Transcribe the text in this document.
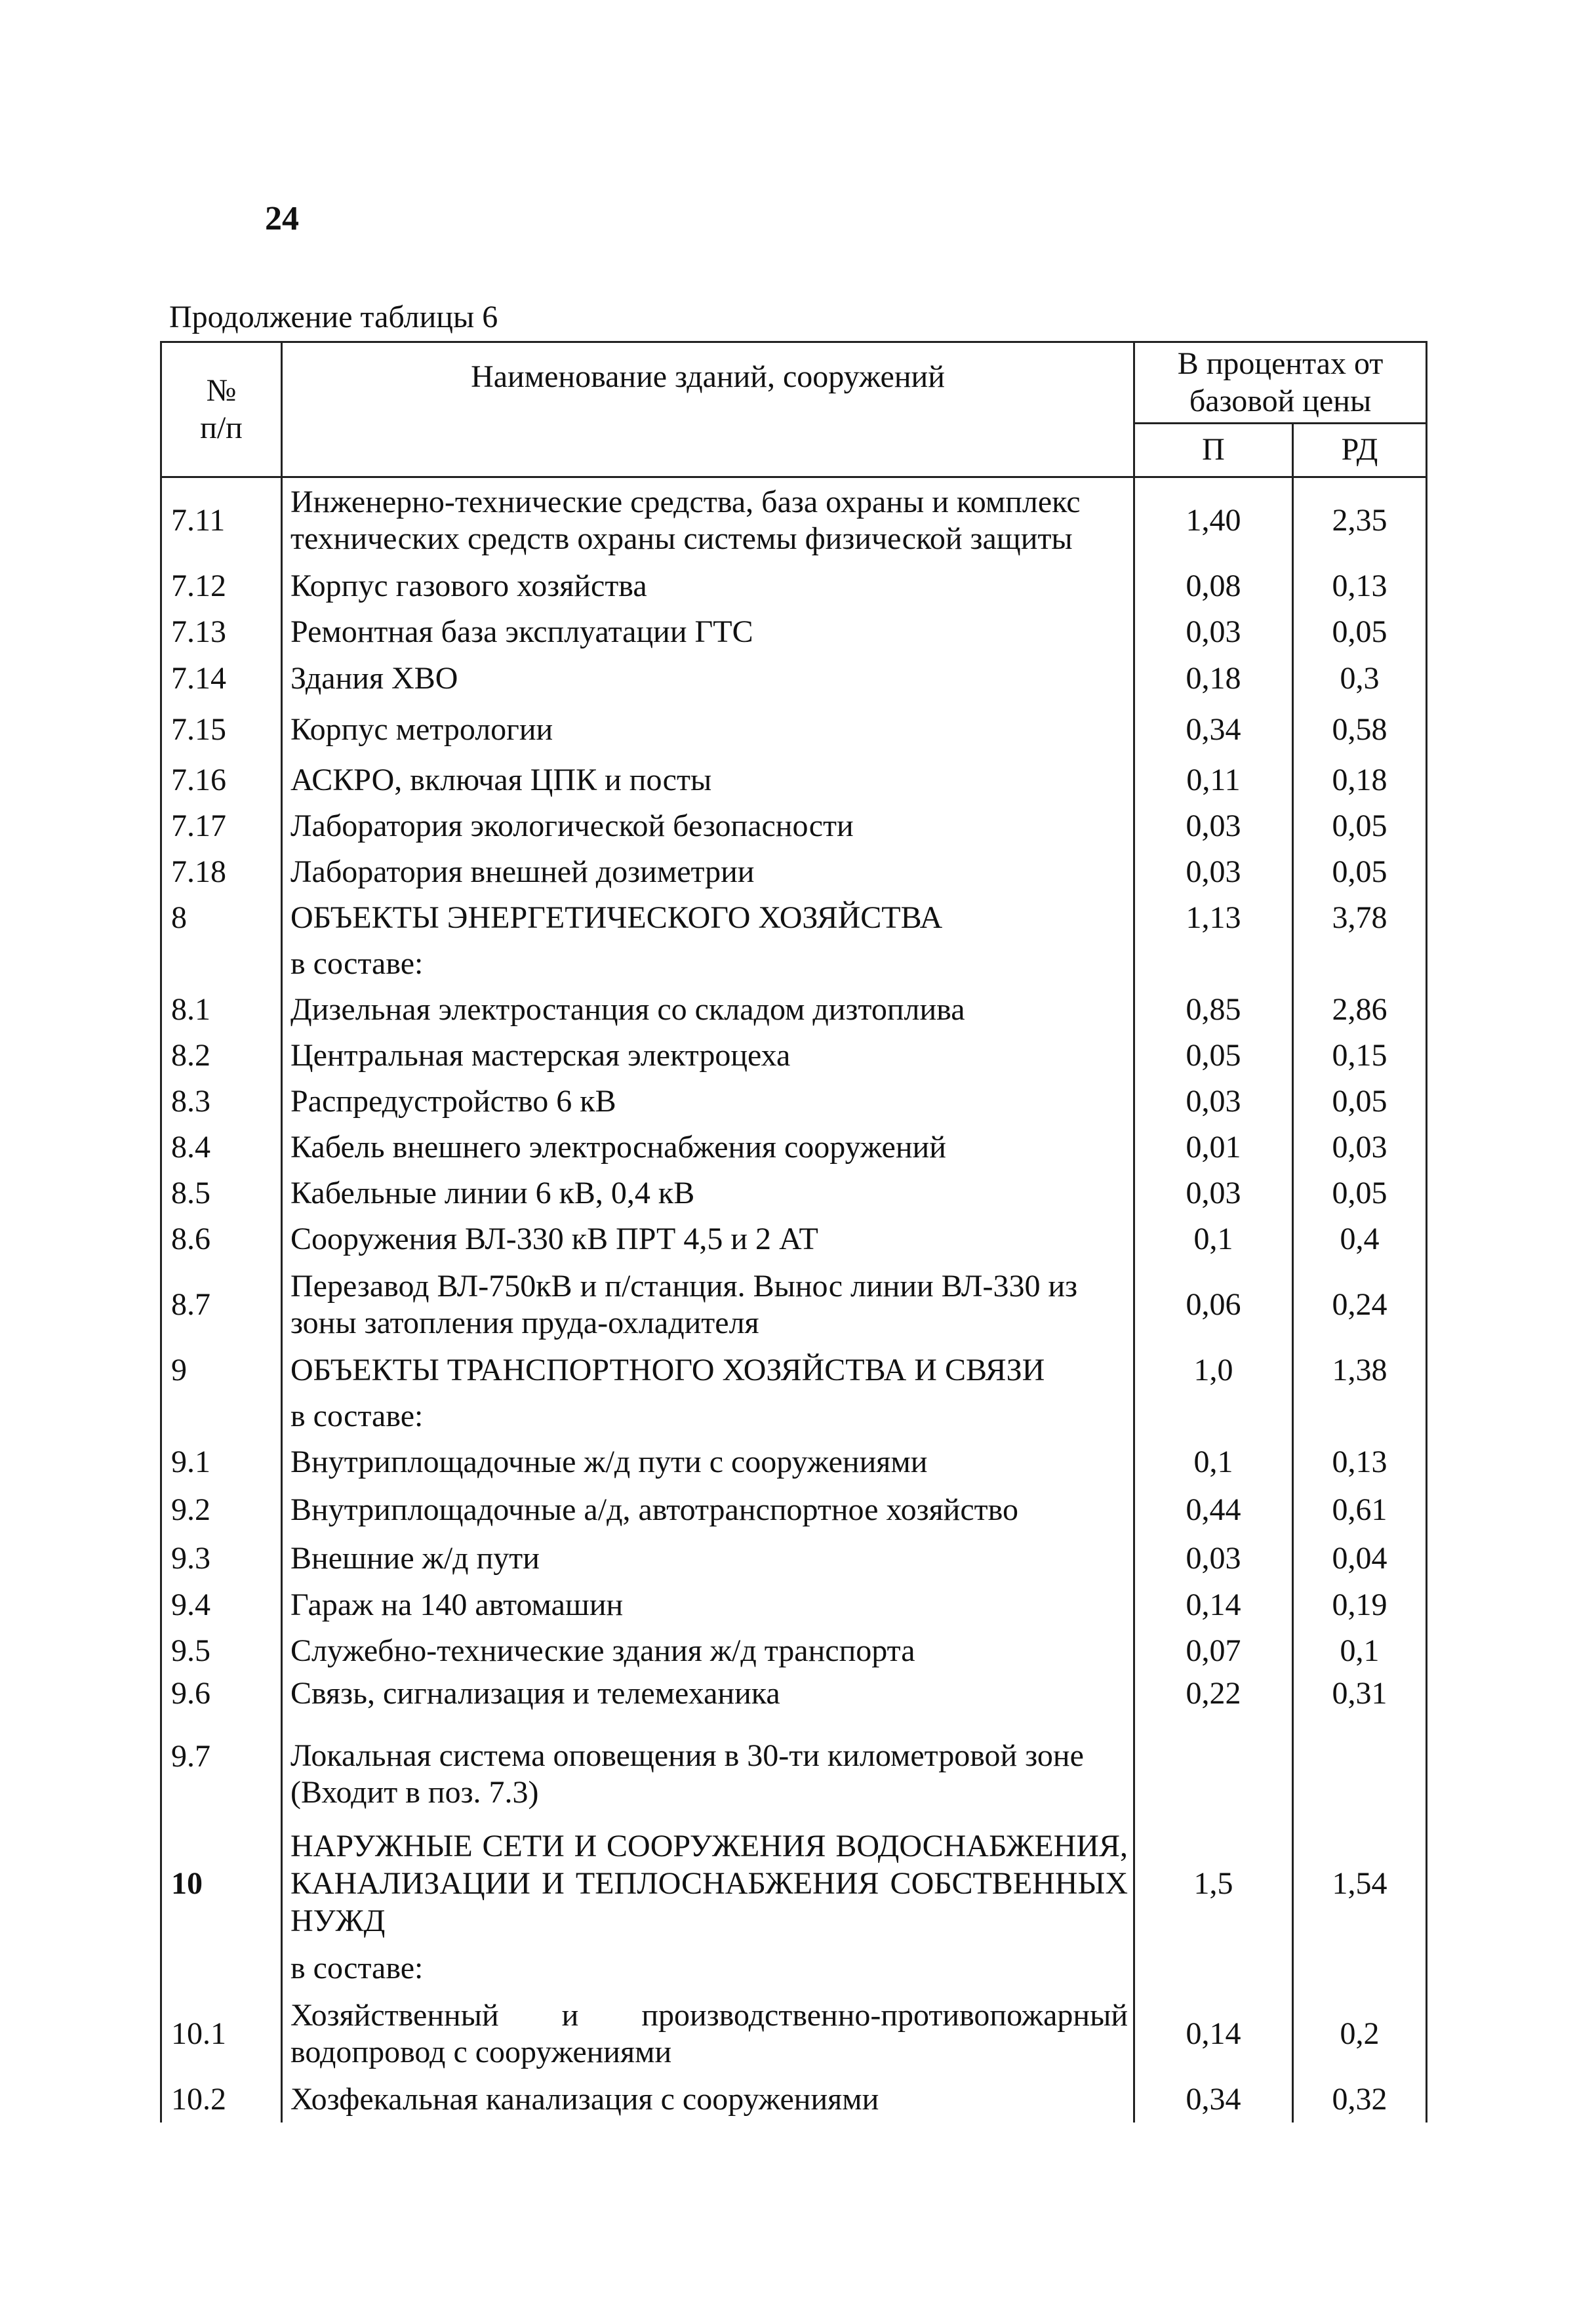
24
Продолжение таблицы 6
№
п/п	Наименование зданий, сооружений	В процентах от базовой цены	
		П	РД
7.11	Инженерно-технические средства, база охраны и комплекс технических средств охраны системы физической защиты	1,40	2,35
7.12	Корпус газового хозяйства	0,08	0,13
7.13	Ремонтная база эксплуатации ГТС	0,03	0,05
7.14	Здания ХВО	0,18	0,3
7.15	Корпус метрологии	0,34	0,58
7.16	АСКРО, включая ЦПК и посты	0,11	0,18
7.17	Лаборатория экологической безопасности	0,03	0,05
7.18	Лаборатория внешней дозиметрии	0,03	0,05
8	ОБЪЕКТЫ ЭНЕРГЕТИЧЕСКОГО ХОЗЯЙСТВА	1,13	3,78
	в составе:		
8.1	Дизельная электростанция со складом дизтоплива	0,85	2,86
8.2	Центральная мастерская электроцеха	0,05	0,15
8.3	Распредустройство 6 кВ	0,03	0,05
8.4	Кабель внешнего электроснабжения сооружений	0,01	0,03
8.5	Кабельные линии 6 кВ, 0,4 кВ	0,03	0,05
8.6	Сооружения ВЛ-330 кВ ПРТ 4,5 и 2 АТ	0,1	0,4
8.7	Перезавод ВЛ-750кВ и п/станция. Вынос линии ВЛ-330 из зоны затопления пруда-охладителя	0,06	0,24
9	ОБЪЕКТЫ ТРАНСПОРТНОГО ХОЗЯЙСТВА И СВЯЗИ	1,0	1,38
	в составе:		
9.1	Внутриплощадочные ж/д пути с сооружениями	0,1	0,13
9.2	Внутриплощадочные а/д, автотранспортное хозяйство	0,44	0,61
9.3	Внешние ж/д пути	0,03	0,04
9.4	Гараж на 140 автомашин	0,14	0,19
9.5	Служебно-технические здания ж/д транспорта	0,07	0,1
9.6	Связь, сигнализация и телемеханика	0,22	0,31
9.7	Локальная система оповещения в 30-ти километровой зоне (Входит в поз. 7.3)		
10	НАРУЖНЫЕ СЕТИ И СООРУЖЕНИЯ ВОДОСНАБЖЕНИЯ, КАНАЛИЗАЦИИ И ТЕПЛОСНАБЖЕНИЯ СОБСТВЕННЫХ НУЖД	1,5	1,54
	в составе:		
10.1	Хозяйственный и производственно-противопожарный водопровод с сооружениями	0,14	0,2
10.2	Хозфекальная канализация с сооружениями	0,34	0,32
